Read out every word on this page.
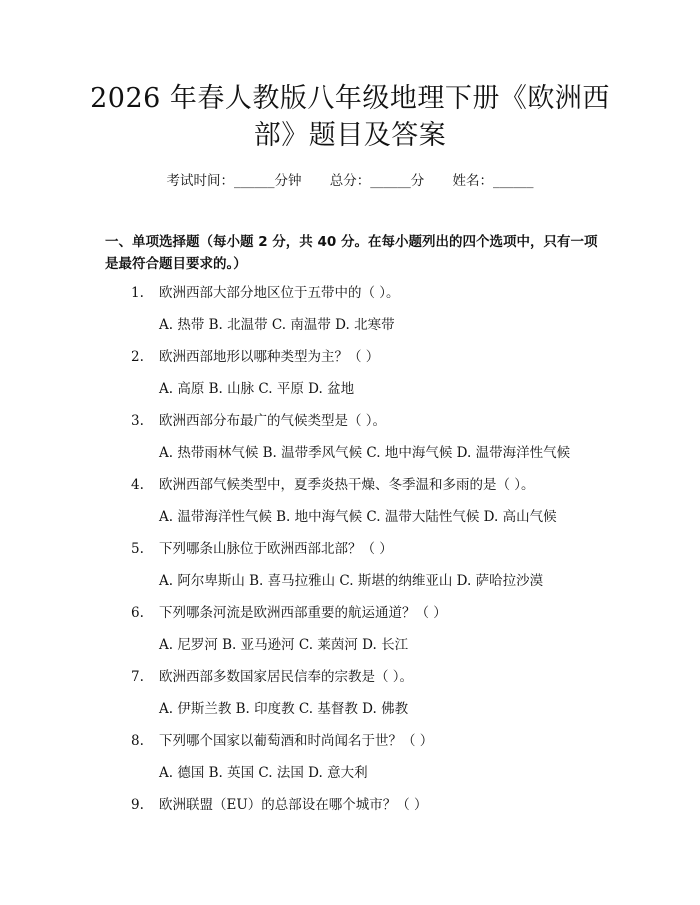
2026 年春人教版八年级地理下册《欧洲西
部》题目及答案
考试时间：______分钟 总分：______分 姓名：______
一、单项选择题（每小题 2 分，共 40 分。在每小题列出的四个选项中，只有一项是最符合题目要求的。）
1. 欧洲西部大部分地区位于五带中的（ ）。
A. 热带 B. 北温带 C. 南温带 D. 北寒带
2. 欧洲西部地形以哪种类型为主？（ ）
A. 高原 B. 山脉 C. 平原 D. 盆地
3. 欧洲西部分布最广的气候类型是（ ）。
A. 热带雨林气候 B. 温带季风气候 C. 地中海气候 D. 温带海洋性气候
4. 欧洲西部气候类型中，夏季炎热干燥、冬季温和多雨的是（ ）。
A. 温带海洋性气候 B. 地中海气候 C. 温带大陆性气候 D. 高山气候
5. 下列哪条山脉位于欧洲西部北部？（ ）
A. 阿尔卑斯山 B. 喜马拉雅山 C. 斯堪的纳维亚山 D. 萨哈拉沙漠
6. 下列哪条河流是欧洲西部重要的航运通道？（ ）
A. 尼罗河 B. 亚马逊河 C. 莱茵河 D. 长江
7. 欧洲西部多数国家居民信奉的宗教是（ ）。
A. 伊斯兰教 B. 印度教 C. 基督教 D. 佛教
8. 下列哪个国家以葡萄酒和时尚闻名于世？（ ）
A. 德国 B. 英国 C. 法国 D. 意大利
9. 欧洲联盟（EU）的总部设在哪个城市？（ ）
